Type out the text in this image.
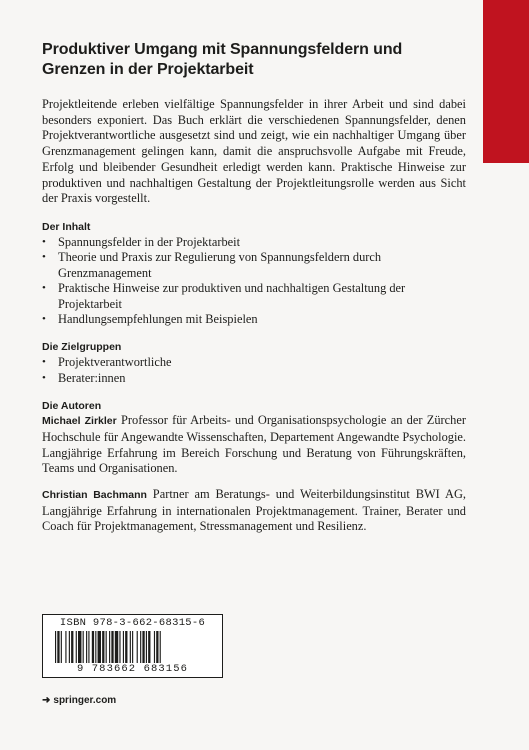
Produktiver Umgang mit Spannungsfeldern und Grenzen in der Projektarbeit

Projektleitende erleben vielfältige Spannungsfelder in ihrer Arbeit und sind dabei besonders exponiert. Das Buch erklärt die verschiedenen Spannungsfelder, denen Projektverantwortliche ausgesetzt sind und zeigt, wie ein nachhaltiger Umgang über Grenzmanagement gelingen kann, damit die anspruchsvolle Aufgabe mit Freude, Erfolg und bleibender Gesundheit erledigt werden kann. Praktische Hinweise zur produktiven und nachhaltigen Gestaltung der Projektleitungsrolle werden aus Sicht der Praxis vorgestellt.

Der Inhalt
• Spannungsfelder in der Projektarbeit
• Theorie und Praxis zur Regulierung von Spannungsfeldern durch Grenzmanagement
• Praktische Hinweise zur produktiven und nachhaltigen Gestaltung der Projektarbeit
• Handlungsempfehlungen mit Beispielen
Die Zielgruppen
• Projektverantwortliche
• Berater:innen
Die Autoren

Michael Zirkler Professor für Arbeits- und Organisationspsychologie an der Zürcher Hochschule für Angewandte Wissenschaften, Departement Angewandte Psychologie. Langjährige Erfahrung im Bereich Forschung und Beratung von Führungskräften, Teams und Organisationen.

Christian Bachmann Partner am Beratungs- und Weiterbildungsinstitut BWI AG, Langjährige Erfahrung in internationalen Projektmanagement. Trainer, Berater und Coach für Projektmanagement, Stressmanagement und Resilienz.

ISBN 978-3-662-68315-6
9 783662 683156
➜ springer.com
